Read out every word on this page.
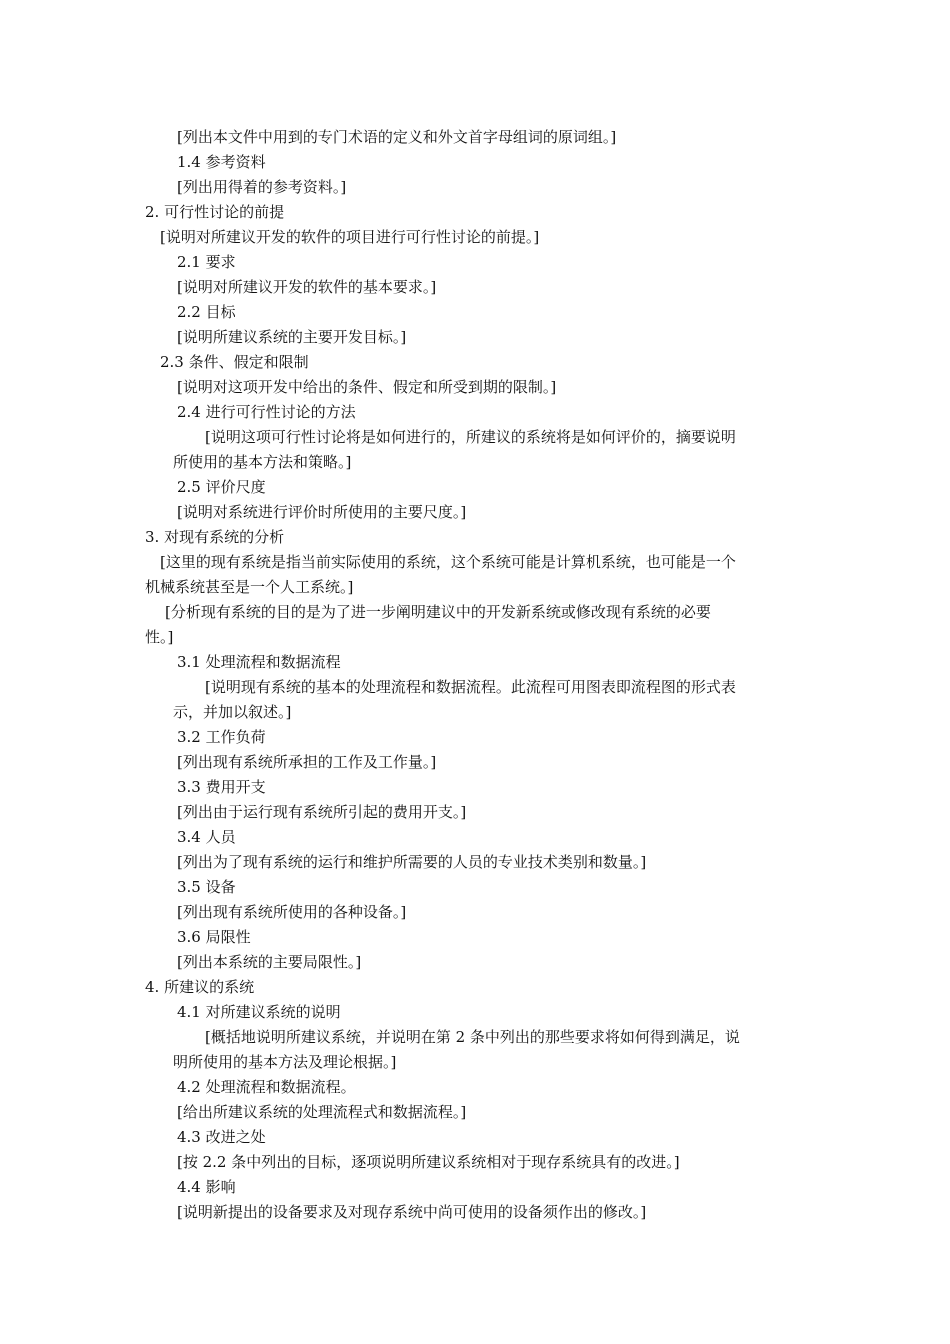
[列出本文件中用到的专门术语的定义和外文首字母组词的原词组。]
1.4 参考资料
[列出用得着的参考资料。]
2. 可行性讨论的前提
[说明对所建议开发的软件的项目进行可行性讨论的前提。]
2.1 要求
[说明对所建议开发的软件的基本要求。]
2.2 目标
[说明所建议系统的主要开发目标。]
2.3 条件、假定和限制
[说明对这项开发中给出的条件、假定和所受到期的限制。]
2.4 进行可行性讨论的方法
[说明这项可行性讨论将是如何进行的，所建议的系统将是如何评价的，摘要说明
所使用的基本方法和策略。]
2.5 评价尺度
[说明对系统进行评价时所使用的主要尺度。]
3. 对现有系统的分析
[这里的现有系统是指当前实际使用的系统，这个系统可能是计算机系统，也可能是一个
机械系统甚至是一个人工系统。]
[分析现有系统的目的是为了进一步阐明建议中的开发新系统或修改现有系统的必要
性。]
3.1 处理流程和数据流程
[说明现有系统的基本的处理流程和数据流程。此流程可用图表即流程图的形式表
示，并加以叙述。]
3.2 工作负荷
[列出现有系统所承担的工作及工作量。]
3.3 费用开支
[列出由于运行现有系统所引起的费用开支。]
3.4 人员
[列出为了现有系统的运行和维护所需要的人员的专业技术类别和数量。]
3.5 设备
[列出现有系统所使用的各种设备。]
3.6 局限性
[列出本系统的主要局限性。]
4. 所建议的系统
4.1 对所建议系统的说明
[概括地说明所建议系统，并说明在第 2 条中列出的那些要求将如何得到满足，说
明所使用的基本方法及理论根据。]
4.2 处理流程和数据流程。
[给出所建议系统的处理流程式和数据流程。]
4.3 改进之处
[按 2.2 条中列出的目标，逐项说明所建议系统相对于现存系统具有的改进。]
4.4 影响
[说明新提出的设备要求及对现存系统中尚可使用的设备须作出的修改。]
